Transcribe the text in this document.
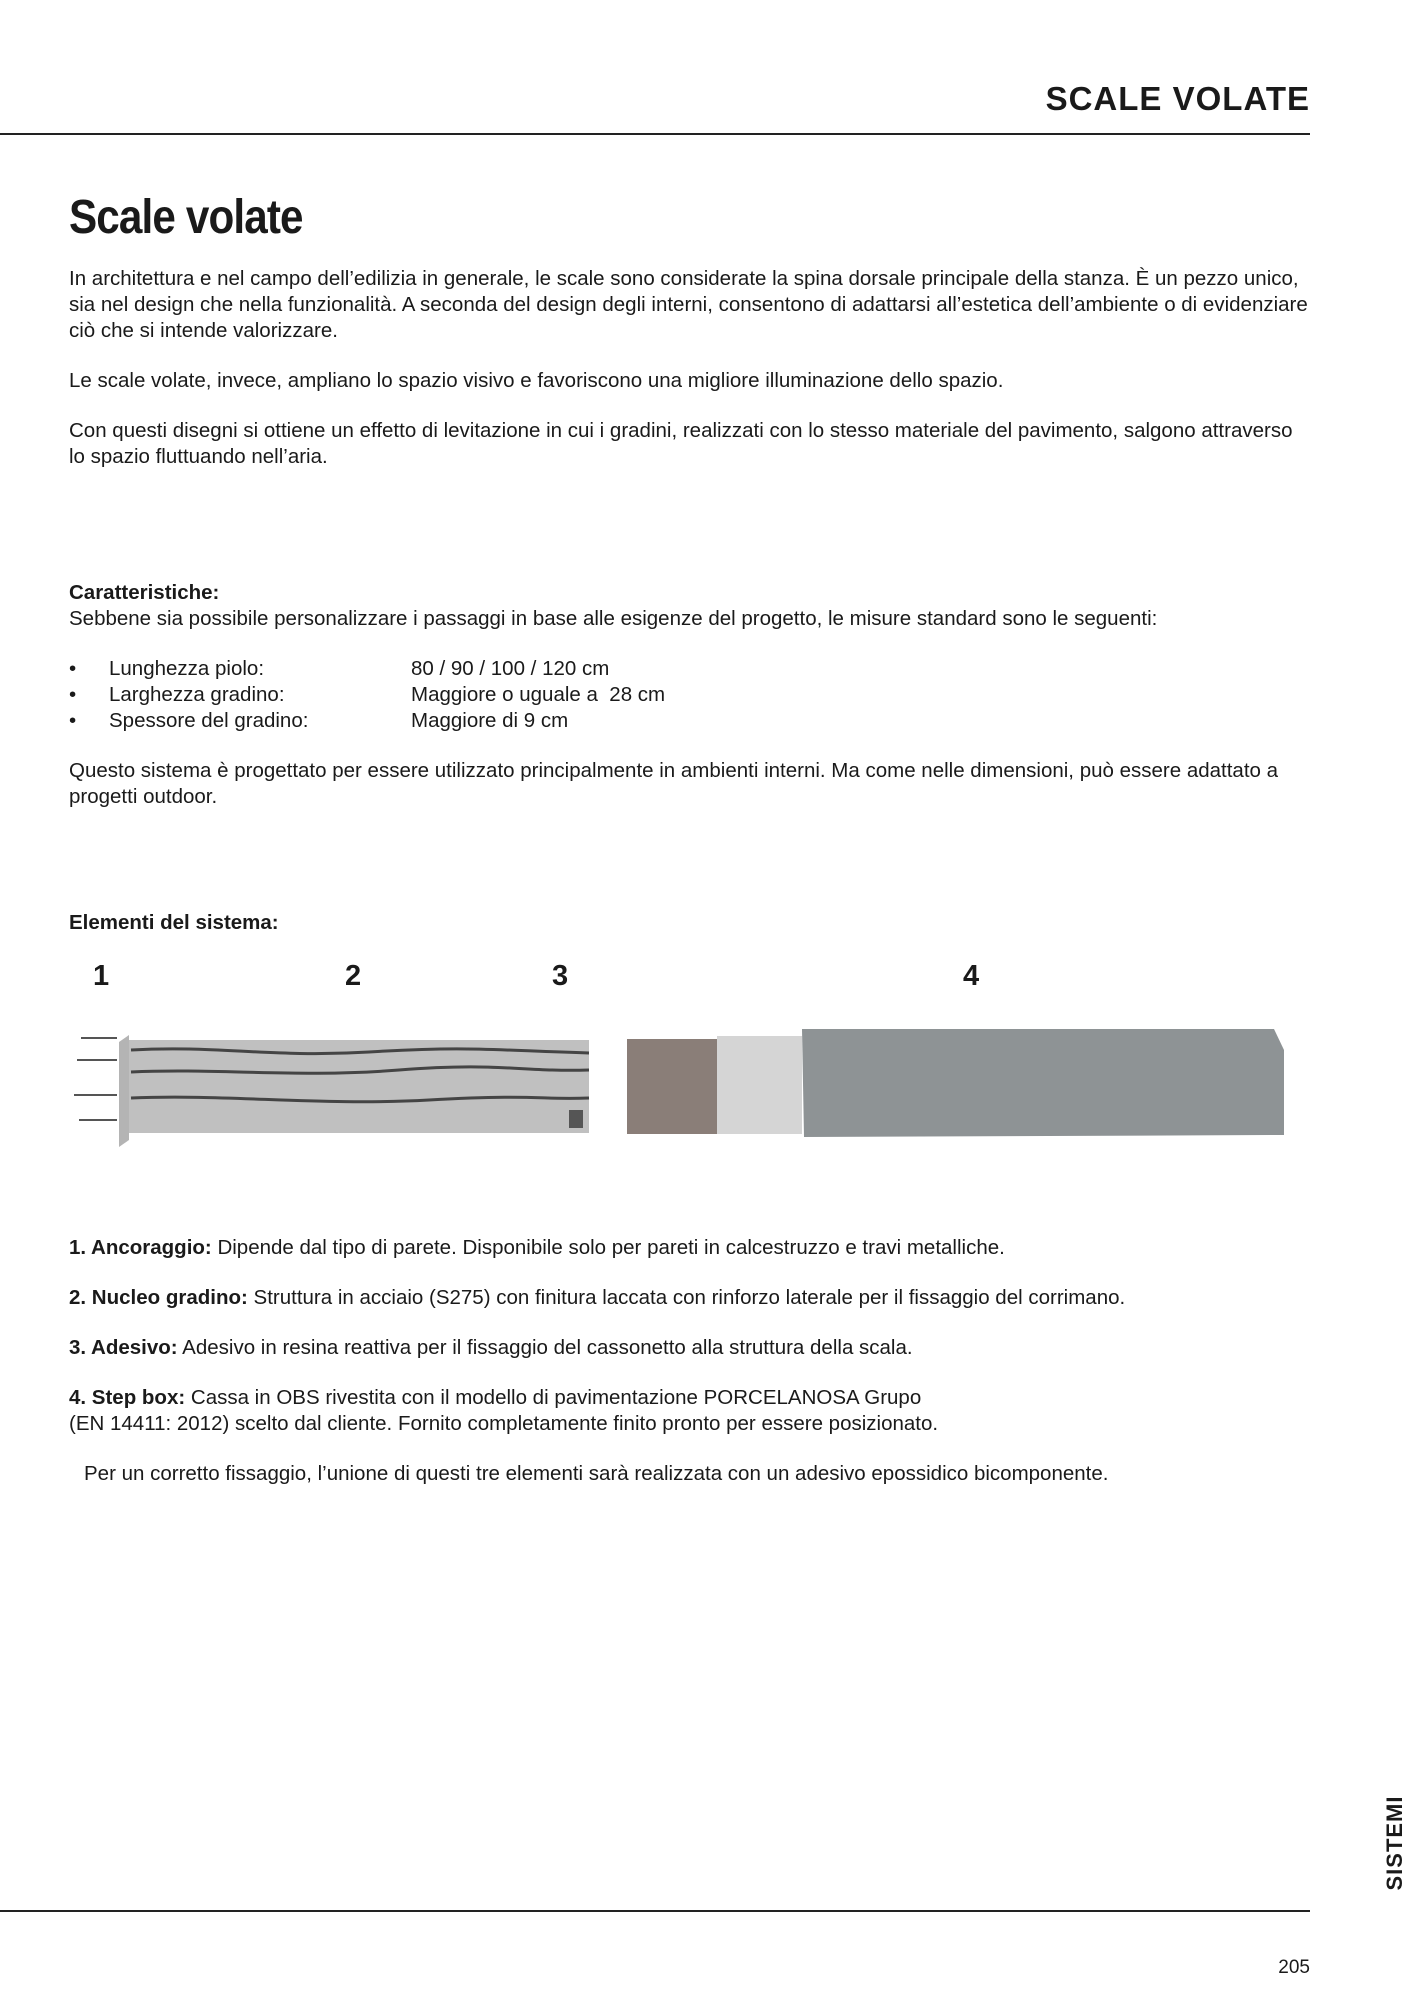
SCALE VOLATE
Scale volate

In architettura e nel campo dell’edilizia in generale, le scale sono considerate la spina dorsale principale della stanza. È un pezzo unico, sia nel design che nella funzionalità. A seconda del design degli interni, consentono di adattarsi all’estetica dell’ambiente o di evidenziare ciò che si intende valorizzare.

Le scale volate, invece, ampliano lo spazio visivo e favoriscono una migliore illuminazione dello spazio.

Con questi disegni si ottiene un effetto di levitazione in cui i gradini, realizzati con lo stesso materiale del pavimento, salgono attraverso lo spazio fluttuando nell’aria.

Caratteristiche:

Sebbene sia possibile personalizzare i passaggi in base alle esigenze del progetto, le misure standard sono le seguenti:

•	Lunghezza piolo:	80 / 90 / 100 / 120 cm
•	Larghezza gradino:	Maggiore o uguale a  28 cm
•	Spessore del gradino:	Maggiore di 9 cm

Questo sistema è progettato per essere utilizzato principalmente in ambienti interni. Ma come nelle dimensioni, può essere adattato a progetti outdoor.

Elementi del sistema:

1	2	3	4

1. Ancoraggio: Dipende dal tipo di parete. Disponibile solo per pareti in calcestruzzo e travi metalliche.

2. Nucleo gradino: Struttura in acciaio (S275) con finitura laccata con rinforzo laterale per il fissaggio del corrimano.

3. Adesivo: Adesivo in resina reattiva per il fissaggio del cassonetto alla struttura della scala.

4. Step box: Cassa in OBS rivestita con il modello di pavimentazione PORCELANOSA Grupo
(EN 14411: 2012) scelto dal cliente. Fornito completamente finito pronto per essere posizionato.

Per un corretto fissaggio, l’unione di questi tre elementi sarà realizzata con un adesivo epossidico bicomponente.

SISTEMI
205
